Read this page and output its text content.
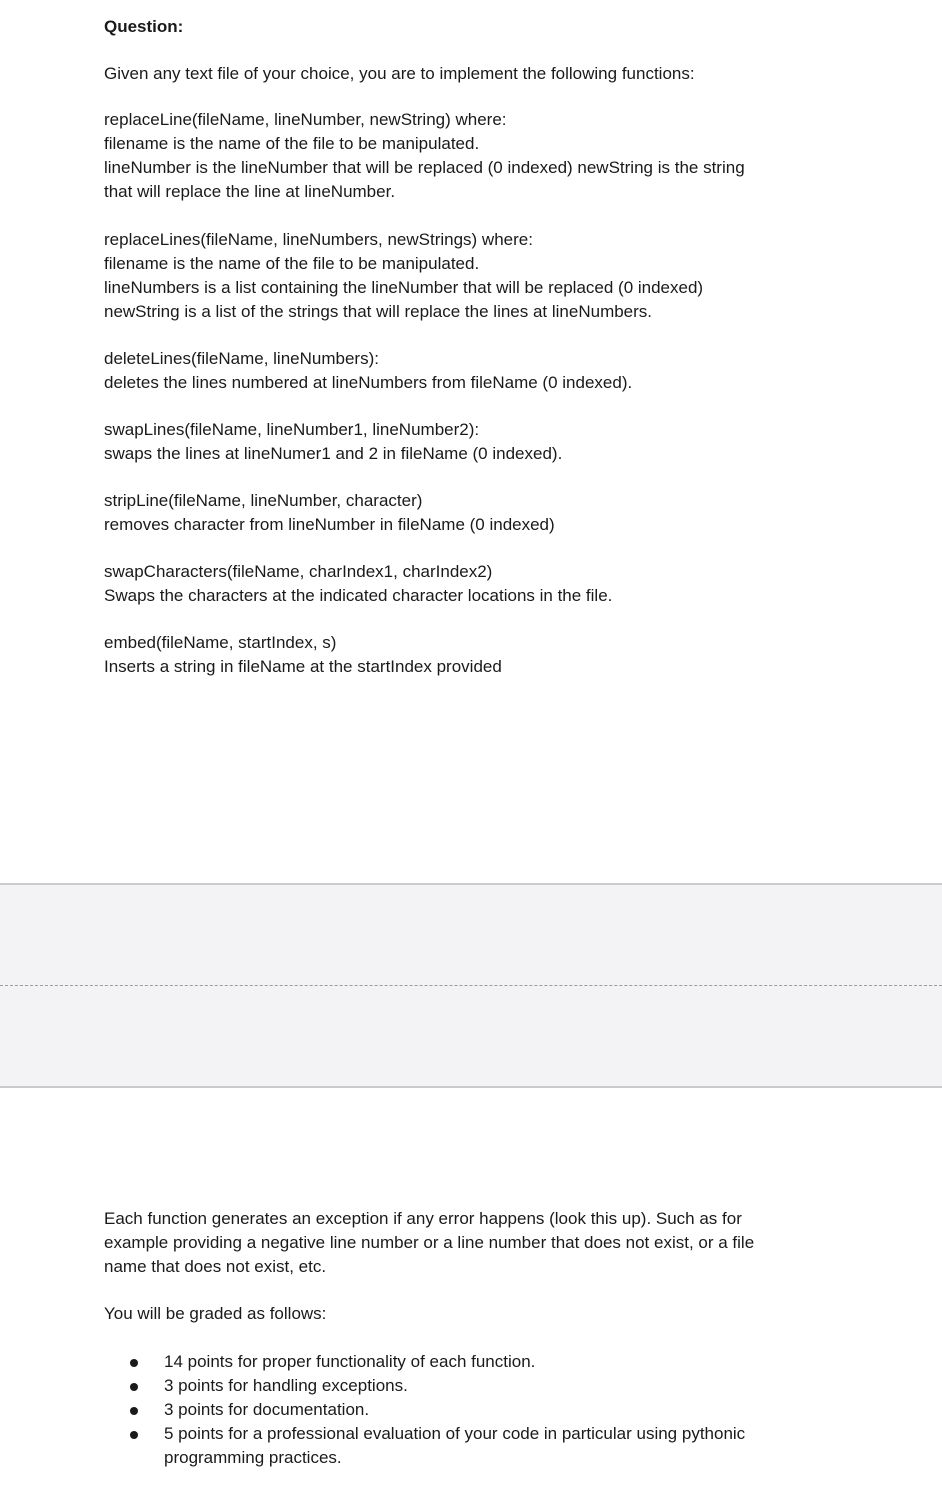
Question:
Given any text file of your choice, you are to implement the following functions:
replaceLine(fileName, lineNumber, newString) where:
filename is the name of the file to be manipulated.
lineNumber is the lineNumber that will be replaced (0 indexed) newString is the string
that will replace the line at lineNumber.
replaceLines(fileName, lineNumbers, newStrings) where:
filename is the name of the file to be manipulated.
lineNumbers is a list containing the lineNumber that will be replaced (0 indexed)
newString is a list of the strings that will replace the lines at lineNumbers.
deleteLines(fileName, lineNumbers):
deletes the lines numbered at lineNumbers from fileName (0 indexed).
swapLines(fileName, lineNumber1, lineNumber2):
swaps the lines at lineNumer1 and 2 in fileName (0 indexed).
stripLine(fileName, lineNumber, character)
removes character from lineNumber in fileName (0 indexed)
swapCharacters(fileName, charIndex1, charIndex2)
Swaps the characters at the indicated character locations in the file.
embed(fileName, startIndex, s)
Inserts a string in fileName at the startIndex provided
Each function generates an exception if any error happens (look this up). Such as for
example providing a negative line number or a line number that does not exist, or a file
name that does not exist, etc.
You will be graded as follows:
14 points for proper functionality of each function.
3 points for handling exceptions.
3 points for documentation.
5 points for a professional evaluation of your code in particular using pythonic
programming practices.
